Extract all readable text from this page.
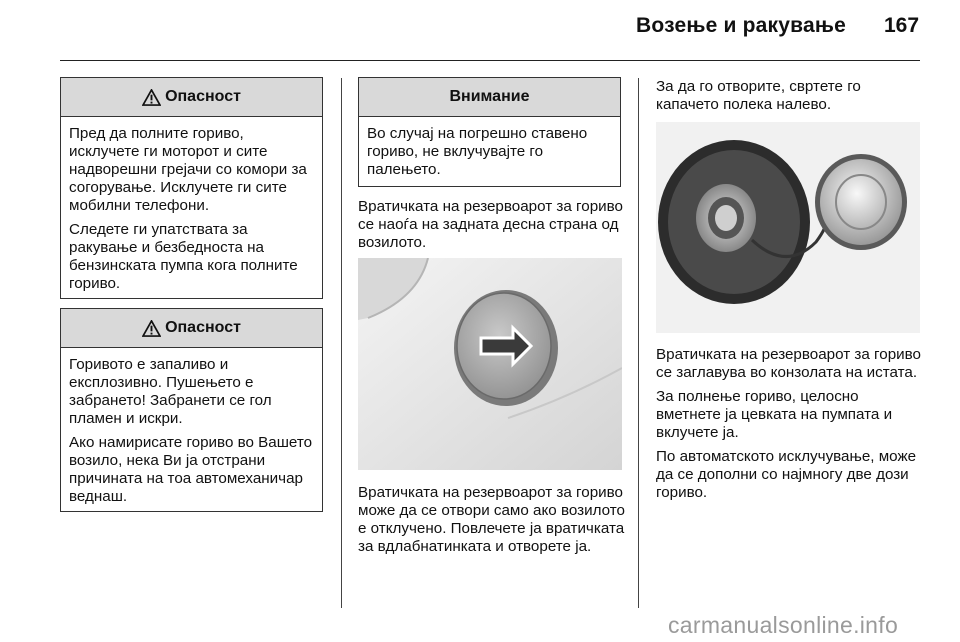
Возење и ракување 167
Опасност

Пред да полните гориво, исклучете ги моторот и сите надворешни грејачи со комори за согорување. Исклучете ги сите мобилни телефони.

Следете ги упатствата за ракување и безбедноста на бензинската пумпа кога полните гориво.

Опасност

Горивото е запаливо и експлозивно. Пушењето е забрането! Забранети се гол пламен и искри.

Ако намирисате гориво во Вашето возило, нека Ви ја отстрани причината на тоа автомеханичар веднаш.

Внимание

Во случај на погрешно ставено гориво, не вклучувајте го палењето.

Вратичката на резервоарот за гориво се наоѓа на задната десна страна од возилото.

Вратичката на резервоарот за гориво може да се отвори само ако возилото е отклучено. Повлечете ја вратичката за вдлабнатинката и отворете ја.

За да го отворите, свртете го капачето полека налево.

Вратичката на резервоарот за гориво се заглавува во конзолата на истата.

За полнење гориво, целосно вметнете ја цевката на пумпата и вклучете ја.

По автоматското исклучување, може да се дополни со најмногу две дози гориво.

carmanualsonline.info
